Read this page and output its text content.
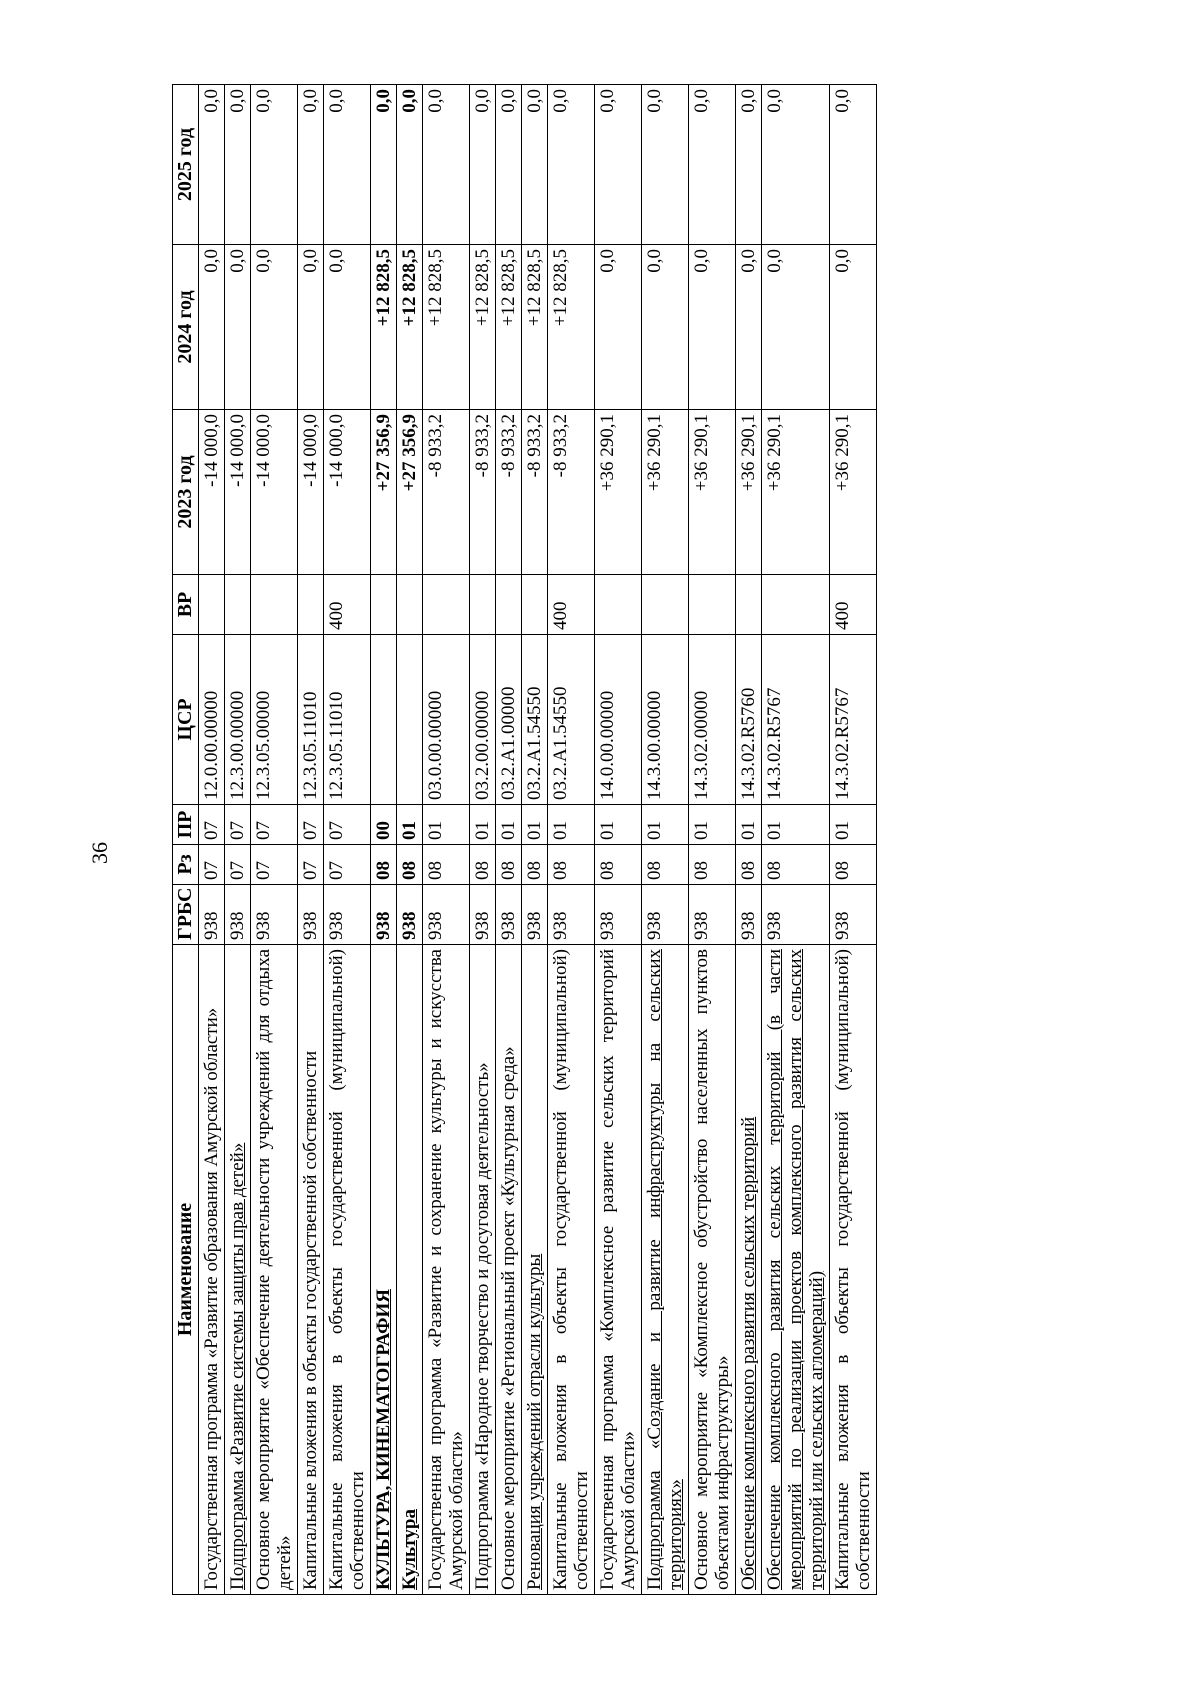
36
Наименование	ГРБС	Рз	ПР	ЦСР	ВР	2023 год	2024 год	2025 год
Государственная программа «Развитие образования Амурской области»	938	07	07	12.0.00.00000		-14 000,0	0,0	0,0
Подпрограмма «Развитие системы защиты прав детей»	938	07	07	12.3.00.00000		-14 000,0	0,0	0,0
Основное мероприятие «Обеспечение деятельности учреждений для отдыха детей»	938	07	07	12.3.05.00000		-14 000,0	0,0	0,0
Капитальные вложения в объекты государственной собственности	938	07	07	12.3.05.11010		-14 000,0	0,0	0,0
Капитальные вложения в объекты государственной (муниципальной) собственности	938	07	07	12.3.05.11010	400	-14 000,0	0,0	0,0
КУЛЬТУРА, КИНЕМАТОГРАФИЯ	938	08	00			+27 356,9	+12 828,5	0,0
Культура	938	08	01			+27 356,9	+12 828,5	0,0
Государственная программа «Развитие и сохранение культуры и искусства Амурской области»	938	08	01	03.0.00.00000		-8 933,2	+12 828,5	0,0
Подпрограмма «Народное творчество и досуговая деятельность»	938	08	01	03.2.00.00000		-8 933,2	+12 828,5	0,0
Основное мероприятие «Региональный проект «Культурная среда»	938	08	01	03.2.А1.00000		-8 933,2	+12 828,5	0,0
Реновация учреждений отрасли культуры	938	08	01	03.2.А1.54550		-8 933,2	+12 828,5	0,0
Капитальные вложения в объекты государственной (муниципальной) собственности	938	08	01	03.2.А1.54550	400	-8 933,2	+12 828,5	0,0
Государственная программа «Комплексное развитие сельских территорий Амурской области»	938	08	01	14.0.00.00000		+36 290,1	0,0	0,0
Подпрограмма «Создание и развитие инфраструктуры на сельских территориях»	938	08	01	14.3.00.00000		+36 290,1	0,0	0,0
Основное мероприятие «Комплексное обустройство населенных пунктов объектами инфраструктуры»	938	08	01	14.3.02.00000		+36 290,1	0,0	0,0
Обеспечение комплексного развития сельских территорий	938	08	01	14.3.02.R5760		+36 290,1	0,0	0,0
Обеспечение комплексного развития сельских территорий (в части мероприятий по реализации проектов комплексного развития сельских территорий или сельских агломераций)	938	08	01	14.3.02.R5767		+36 290,1	0,0	0,0
Капитальные вложения в объекты государственной (муниципальной) собственности	938	08	01	14.3.02.R5767	400	+36 290,1	0,0	0,0
